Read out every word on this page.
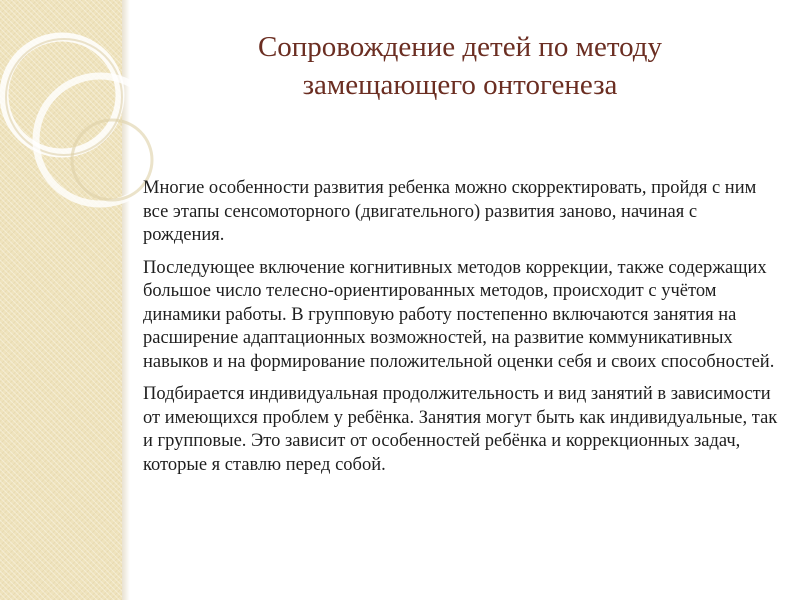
Сопровождение детей по методу
замещающего онтогенеза

Многие особенности развития ребенка можно скорректировать, пройдя с ним все этапы сенсомоторного (двигательного) развития заново, начиная с рождения.

Последующее включение когнитивных методов коррекции, также содержащих большое число телесно-ориентированных методов, происходит с учётом динамики работы. В групповую работу постепенно включаются занятия на расширение адаптационных возможностей, на развитие коммуникативных навыков и на формирование положительной оценки себя и своих способностей.

Подбирается индивидуальная продолжительность и вид занятий в зависимости от имеющихся проблем у ребёнка. Занятия могут быть как индивидуальные, так и групповые. Это зависит от особенностей ребёнка и коррекционных задач, которые я ставлю перед собой.
